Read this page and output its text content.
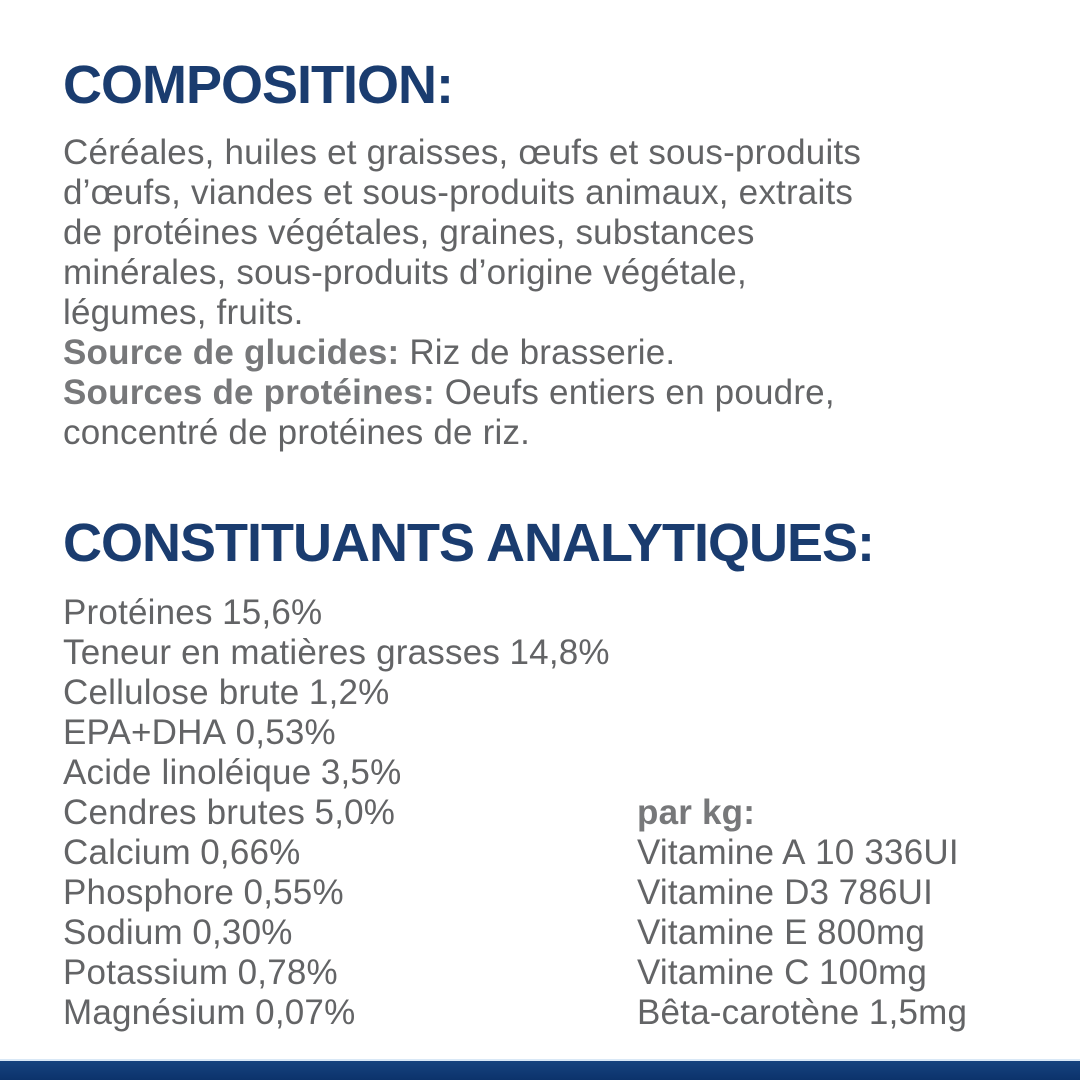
COMPOSITION:
Céréales, huiles et graisses, œufs et sous-produits
d’œufs, viandes et sous-produits animaux, extraits
de protéines végétales, graines, substances
minérales, sous-produits d’origine végétale,
légumes, fruits.
Source de glucides: Riz de brasserie.
Sources de protéines: Oeufs entiers en poudre,
concentré de protéines de riz.
CONSTITUANTS ANALYTIQUES:
Protéines 15,6%
Teneur en matières grasses 14,8%
Cellulose brute 1,2%
EPA+DHA 0,53%
Acide linoléique 3,5%
Cendres brutes 5,0%
Calcium 0,66%
Phosphore 0,55%
Sodium 0,30%
Potassium 0,78%
Magnésium 0,07%
par kg:
Vitamine A 10 336UI
Vitamine D3 786UI
Vitamine E 800mg
Vitamine C 100mg
Bêta-carotène 1,5mg
